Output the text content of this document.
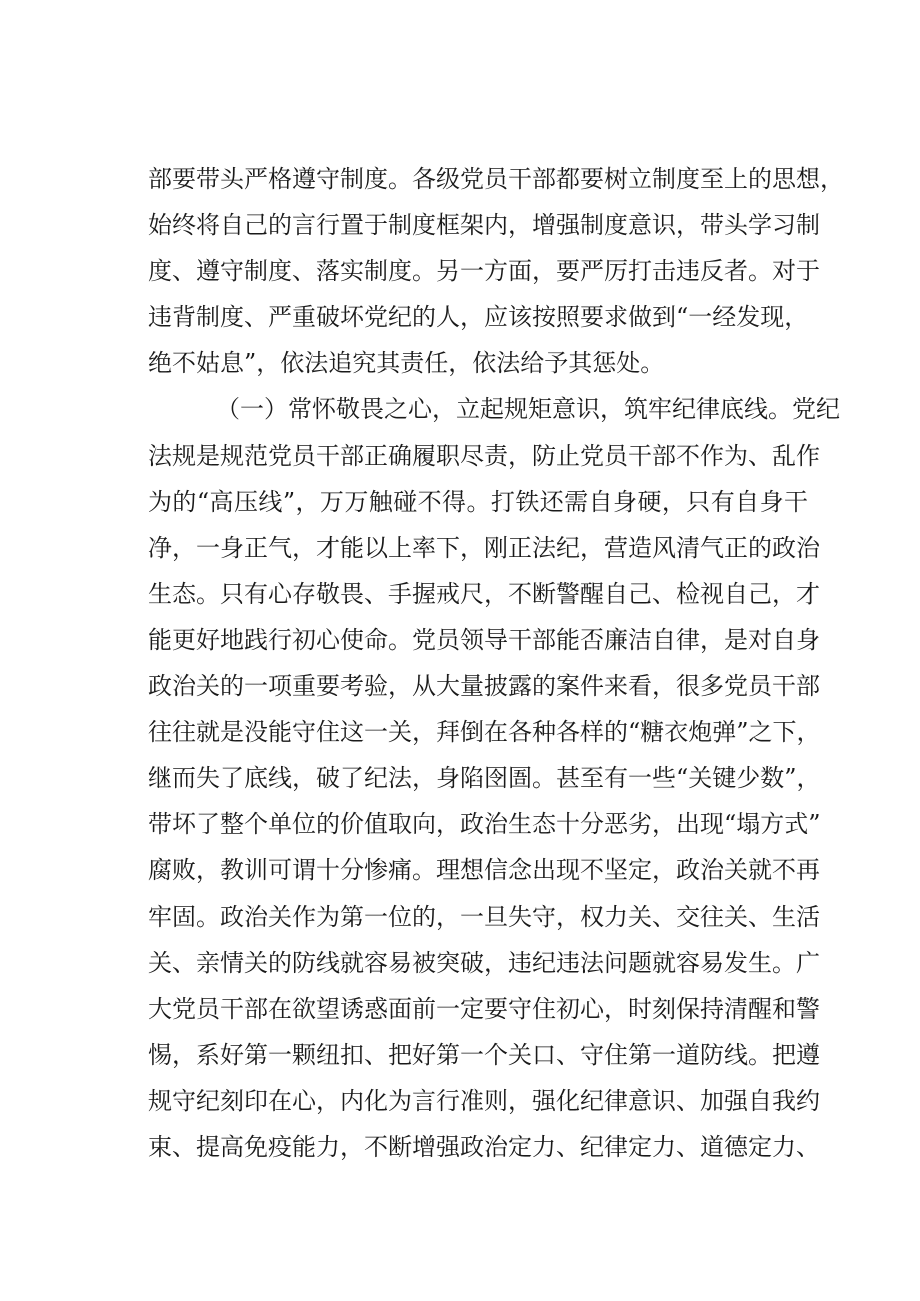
部要带头严格遵守制度。各级党员干部都要树立制度至上的思想，
始终将自己的言行置于制度框架内，增强制度意识，带头学习制
度、遵守制度、落实制度。另一方面，要严厉打击违反者。对于
违背制度、严重破坏党纪的人，应该按照要求做到“一经发现，
绝不姑息”，依法追究其责任，依法给予其惩处。
（一）常怀敬畏之心，立起规矩意识，筑牢纪律底线。党纪
法规是规范党员干部正确履职尽责，防止党员干部不作为、乱作
为的“高压线”，万万触碰不得。打铁还需自身硬，只有自身干
净，一身正气，才能以上率下，刚正法纪，营造风清气正的政治
生态。只有心存敬畏、手握戒尺，不断警醒自己、检视自己，才
能更好地践行初心使命。党员领导干部能否廉洁自律，是对自身
政治关的一项重要考验，从大量披露的案件来看，很多党员干部
往往就是没能守住这一关，拜倒在各种各样的“糖衣炮弹”之下，
继而失了底线，破了纪法，身陷囹圄。甚至有一些“关键少数”，
带坏了整个单位的价值取向，政治生态十分恶劣，出现“塌方式”
腐败，教训可谓十分惨痛。理想信念出现不坚定，政治关就不再
牢固。政治关作为第一位的，一旦失守，权力关、交往关、生活
关、亲情关的防线就容易被突破，违纪违法问题就容易发生。广
大党员干部在欲望诱惑面前一定要守住初心，时刻保持清醒和警
惕，系好第一颗纽扣、把好第一个关口、守住第一道防线。把遵
规守纪刻印在心，内化为言行准则，强化纪律意识、加强自我约
束、提高免疫能力，不断增强政治定力、纪律定力、道德定力、
